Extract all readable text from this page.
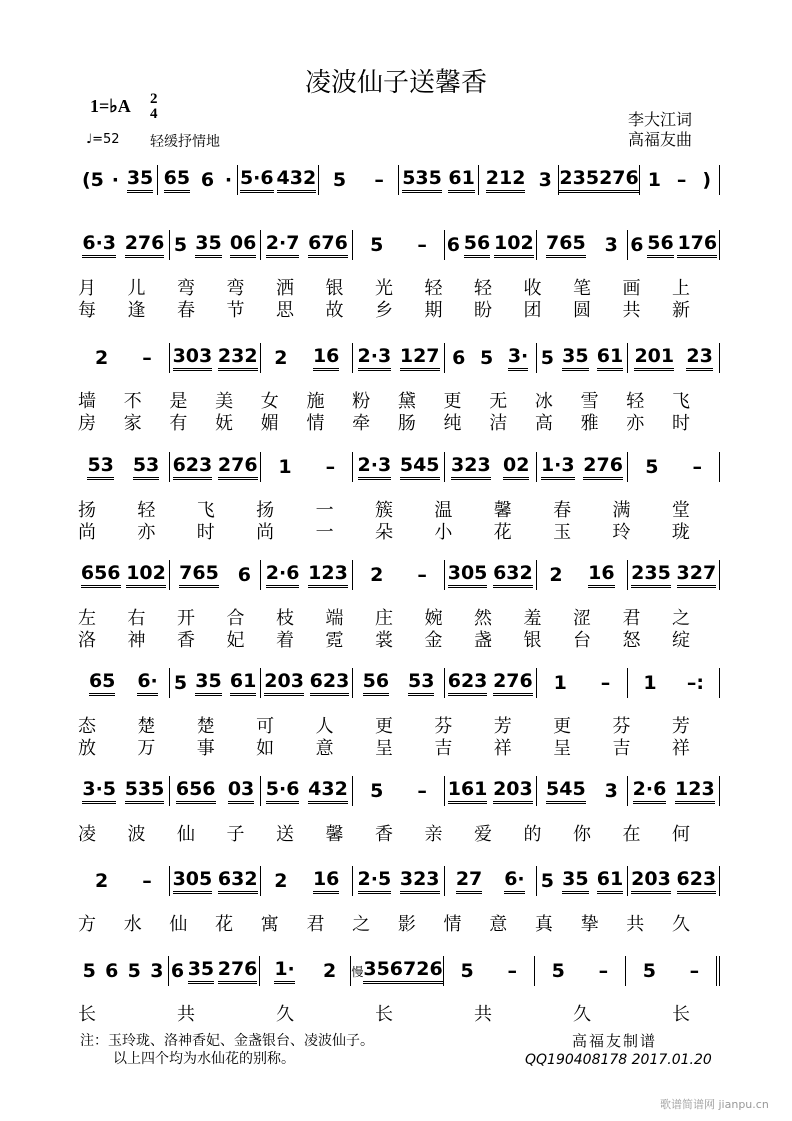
凌波仙子送馨香
1=♭A 2
4
♩=52 轻缓抒情地
李大江词
高福友曲
(5 · 35 65 6 · 5·6 432 5 – 535 61 212 3 235 276 1 – )
6·3 276 5 35 06 2·7 676 5 – 6 56 102 765 3 6 56 176
月 儿 弯 弯 洒 银 光 轻 轻 收 笔 画 上
每 逢 春 节 思 故 乡 期 盼 团 圆 共 新
2 – 303 232 2 16 2·3 127 6 5 3· 5 35 61 201 23
墙 不 是 美 女 施 粉 黛 更 无 冰 雪 轻 飞
房 家 有 妩 媚 情 牵 肠 纯 洁 高 雅 亦 时
53 53 623 276 1 – 2·3 545 323 02 1·3 276 5 –
扬 轻 飞 扬 一 簇 温 馨 春 满 堂
尚 亦 时 尚 一 朵 小 花 玉 玲 珑
656 102 765 6 2·6 123 2 – 305 632 2 16 235 327
左 右 开 合 枝 端 庄 婉 然 羞 涩 君 之
洛 神 香 妃 着 霓 裳 金 盏 银 台 怒 绽
65 6· 5 35 61 203 623 56 53 623 276 1 – 1 –:
态 楚 楚 可 人 更 芬 芳 更 芬 芳
放 万 事 如 意 呈 吉 祥 呈 吉 祥
3·5 535 656 03 5·6 432 5 – 161 203 545 3 2·6 123
凌 波 仙 子 送 馨 香 亲 爱 的 你 在 何
2 – 305 632 2 16 2·5 323 27 6· 5 35 61 203 623
方 水 仙 花 寓 君 之 影 情 意 真 挚 共 久
5 6 5 3 6 35 276 1· 2 慢 356 726 5 – 5 – 5 –
长	共	久	长	共	久	长
注：玉玲珑、洛神香妃、金盏银台、凌波仙子。
以上四个均为水仙花的别称。
高福友制谱
QQ190408178 2017.01.20
歌谱简谱网 jianpu.cn
